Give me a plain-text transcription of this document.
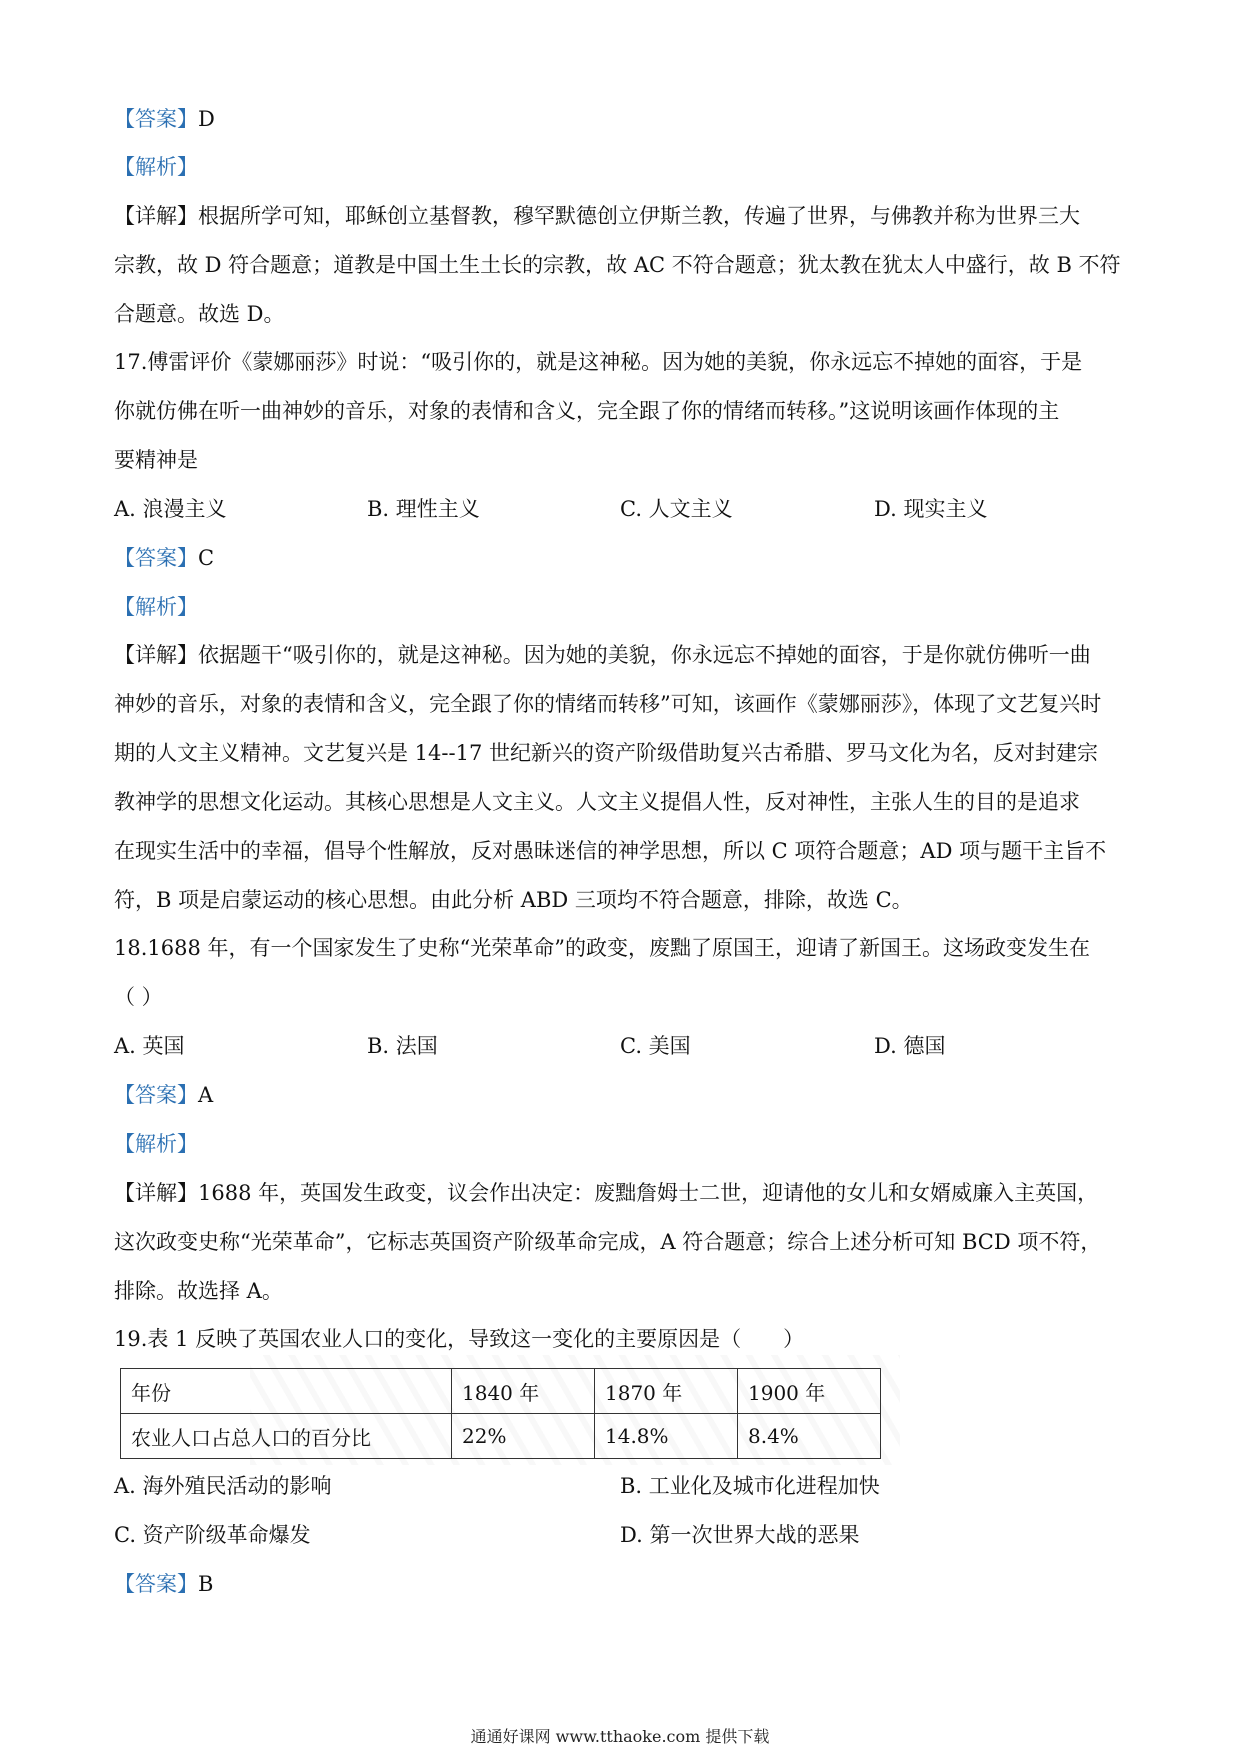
【答案】D
【解析】
【详解】根据所学可知，耶稣创立基督教，穆罕默德创立伊斯兰教，传遍了世界，与佛教并称为世界三大
宗教，故 D 符合题意；道教是中国土生土长的宗教，故 AC 不符合题意；犹太教在犹太人中盛行，故 B 不符
合题意。故选 D。
17.傅雷评价《蒙娜丽莎》时说：“吸引你的，就是这神秘。因为她的美貌，你永远忘不掉她的面容，于是
你就仿佛在听一曲神妙的音乐，对象的表情和含义，完全跟了你的情绪而转移。”这说明该画作体现的主
要精神是
A. 浪漫主义	B. 理性主义	C. 人文主义	D. 现实主义
【答案】C
【解析】
【详解】依据题干“吸引你的，就是这神秘。因为她的美貌，你永远忘不掉她的面容，于是你就仿佛听一曲
神妙的音乐，对象的表情和含义，完全跟了你的情绪而转移”可知，该画作《蒙娜丽莎》，体现了文艺复兴时
期的人文主义精神。文艺复兴是 14--17 世纪新兴的资产阶级借助复兴古希腊、罗马文化为名，反对封建宗
教神学的思想文化运动。其核心思想是人文主义。人文主义提倡人性，反对神性，主张人生的目的是追求
在现实生活中的幸福，倡导个性解放，反对愚昧迷信的神学思想，所以 C 项符合题意；AD 项与题干主旨不
符，B 项是启蒙运动的核心思想。由此分析 ABD 三项均不符合题意，排除，故选 C。
18.1688 年，有一个国家发生了史称“光荣革命”的政变，废黜了原国王，迎请了新国王。这场政变发生在
（ ）
A. 英国	B. 法国	C. 美国	D. 德国
【答案】A
【解析】
【详解】1688 年，英国发生政变，议会作出决定：废黜詹姆士二世，迎请他的女儿和女婿威廉入主英国，
这次政变史称“光荣革命”，它标志英国资产阶级革命完成，A 符合题意；综合上述分析可知 BCD 项不符，
排除。故选择 A。
19.表 1 反映了英国农业人口的变化，导致这一变化的主要原因是（　　）
年份	1840 年	1870 年	1900 年
农业人口占总人口的百分比	22%	14.8%	8.4%
A. 海外殖民活动的影响	B. 工业化及城市化进程加快
C. 资产阶级革命爆发	D. 第一次世界大战的恶果
【答案】B
通通好课网 www.tthaoke.com 提供下载
